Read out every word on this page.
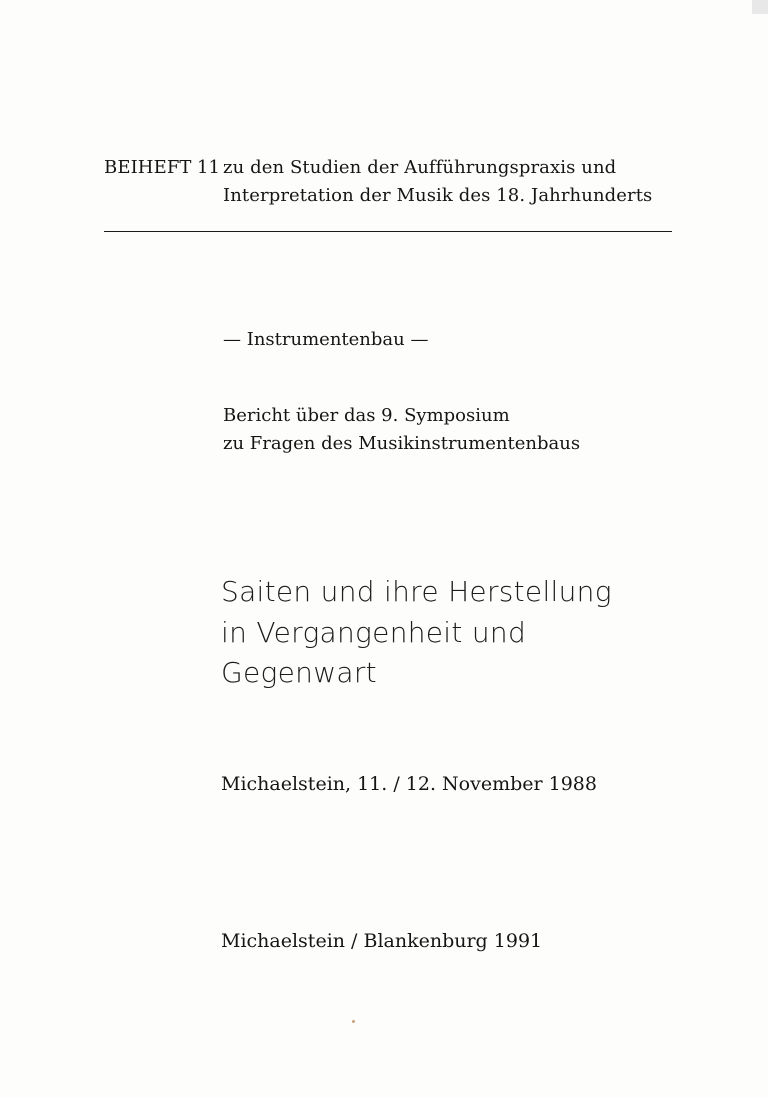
BEIHEFT 11 zu den Studien der Aufführungspraxis und
Interpretation der Musik des 18. Jahrhunderts
— Instrumentenbau —
Bericht über das 9. Symposium
zu Fragen des Musikinstrumentenbaus
Saiten und ihre Herstellung
in Vergangenheit und
Gegenwart
Michaelstein, 11. / 12. November 1988
Michaelstein / Blankenburg 1991
